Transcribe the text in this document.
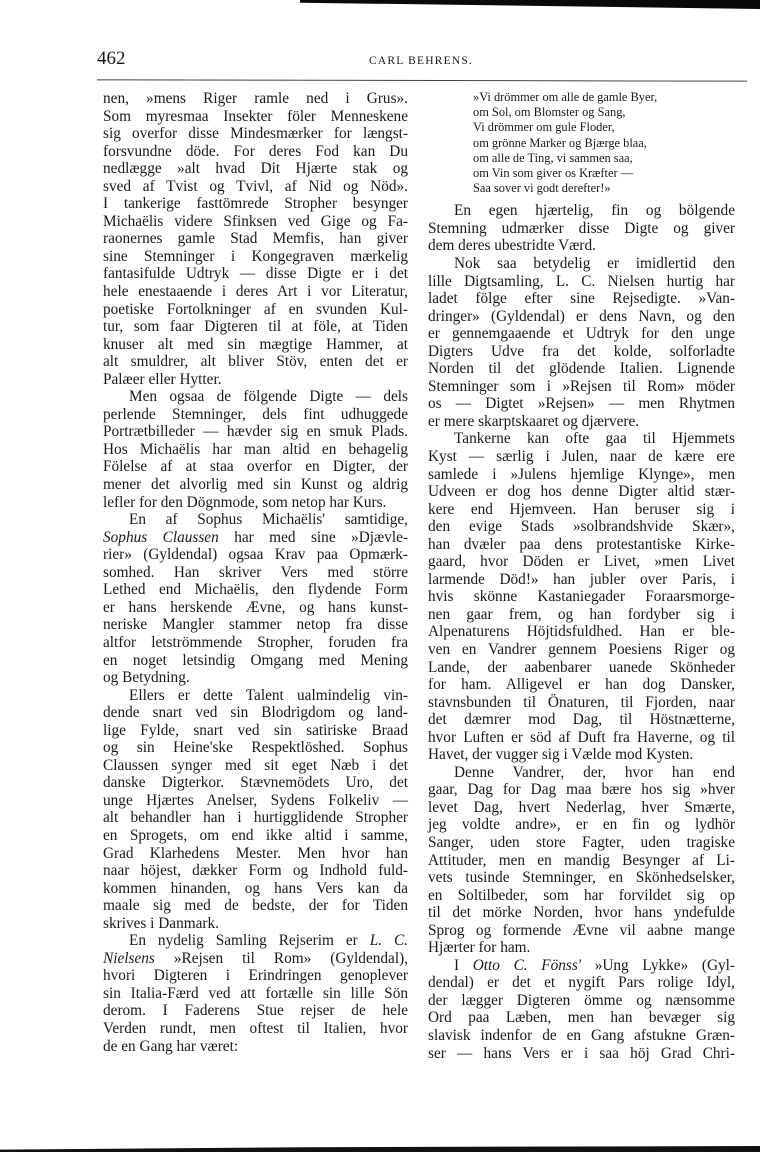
462	CARL BEHRENS.
nen, »mens Riger ramle ned i Grus».
Som myresmaa Insekter föler Menneskene
sig overfor disse Mindesmærker for længst-
forsvundne döde. For deres Fod kan Du
nedlægge »alt hvad Dit Hjærte stak og
sved af Tvist og Tvivl, af Nid og Nöd».
I tankerige fasttömrede Stropher besynger
Michaëlis videre Sfinksen ved Gige og Fa-
raonernes gamle Stad Memfis, han giver
sine Stemninger i Kongegraven mærkelig
fantasifulde Udtryk — disse Digte er i det
hele enestaaende i deres Art i vor Literatur,
poetiske Fortolkninger af en svunden Kul-
tur, som faar Digteren til at föle, at Tiden
knuser alt med sin mægtige Hammer, at
alt smuldrer, alt bliver Stöv, enten det er
Palæer eller Hytter.
Men ogsaa de fölgende Digte — dels
perlende Stemninger, dels fint udhuggede
Portrætbilleder — hævder sig en smuk Plads.
Hos Michaëlis har man altid en behagelig
Fölelse af at staa overfor en Digter, der
mener det alvorlig med sin Kunst og aldrig
lefler for den Dögnmode, som netop har Kurs.
En af Sophus Michaëlis' samtidige,
Sophus Claussen har med sine »Djævle-
rier» (Gyldendal) ogsaa Krav paa Opmærk-
somhed. Han skriver Vers med större
Lethed end Michaëlis, den flydende Form
er hans herskende Ævne, og hans kunst-
neriske Mangler stammer netop fra disse
altfor letströmmende Stropher, foruden fra
en noget letsindig Omgang med Mening
og Betydning.
Ellers er dette Talent ualmindelig vin-
dende snart ved sin Blodrigdom og land-
lige Fylde, snart ved sin satiriske Braad
og sin Heine'ske Respektlöshed. Sophus
Claussen synger med sit eget Næb i det
danske Digterkor. Stævnemödets Uro, det
unge Hjærtes Anelser, Sydens Folkeliv —
alt behandler han i hurtigglidende Stropher
en Sprogets, om end ikke altid i samme,
Grad Klarhedens Mester. Men hvor han
naar höjest, dækker Form og Indhold fuld-
kommen hinanden, og hans Vers kan da
maale sig med de bedste, der for Tiden
skrives i Danmark.
En nydelig Samling Rejserim er L. C.
Nielsens »Rejsen til Rom» (Gyldendal),
hvori Digteren i Erindringen genoplever
sin Italia-Færd ved att fortælle sin lille Sön
derom. I Faderens Stue rejser de hele
Verden rundt, men oftest til Italien, hvor
de en Gang har været:
»Vi drömmer om alle de gamle Byer,
om Sol, om Blomster og Sang,
Vi drömmer om gule Floder,
om grönne Marker og Bjærge blaa,
om alle de Ting, vi sammen saa,
om Vin som giver os Kræfter —
Saa sover vi godt derefter!»
En egen hjærtelig, fin og bölgende
Stemning udmærker disse Digte og giver
dem deres ubestridte Værd.
Nok saa betydelig er imidlertid den
lille Digtsamling, L. C. Nielsen hurtig har
ladet fölge efter sine Rejsedigte. »Van-
dringer» (Gyldendal) er dens Navn, og den
er gennemgaaende et Udtryk for den unge
Digters Udve fra det kolde, solforladte
Norden til det glödende Italien. Lignende
Stemninger som i »Rejsen til Rom» möder
os — Digtet »Rejsen» — men Rhytmen
er mere skarptskaaret og djærvere.
Tankerne kan ofte gaa til Hjemmets
Kyst — særlig i Julen, naar de kære ere
samlede i »Julens hjemlige Klynge», men
Udveen er dog hos denne Digter altid stær-
kere end Hjemveen. Han beruser sig i
den evige Stads »solbrandshvide Skær»,
han dvæler paa dens protestantiske Kirke-
gaard, hvor Döden er Livet, »men Livet
larmende Död!» han jubler over Paris, i
hvis skönne Kastaniegader Foraarsmorge-
nen gaar frem, og han fordyber sig i
Alpenaturens Höjtidsfuldhed. Han er ble-
ven en Vandrer gennem Poesiens Riger og
Lande, der aabenbarer uanede Skönheder
for ham. Alligevel er han dog Dansker,
stavnsbunden til Önaturen, til Fjorden, naar
det dæmrer mod Dag, til Höstnætterne,
hvor Luften er söd af Duft fra Haverne, og til
Havet, der vugger sig i Vælde mod Kysten.
Denne Vandrer, der, hvor han end
gaar, Dag for Dag maa bære hos sig »hver
levet Dag, hvert Nederlag, hver Smærte,
jeg voldte andre», er en fin og lydhör
Sanger, uden store Fagter, uden tragiske
Attituder, men en mandig Besynger af Li-
vets tusinde Stemninger, en Skönhedselsker,
en Soltilbeder, som har forvildet sig op
til det mörke Norden, hvor hans yndefulde
Sprog og formende Ævne vil aabne mange
Hjærter for ham.
I Otto C. Fönss' »Ung Lykke» (Gyl-
dendal) er det et nygift Pars rolige Idyl,
der lægger Digteren ömme og nænsomme
Ord paa Læben, men han bevæger sig
slavisk indenfor de en Gang afstukne Græn-
ser — hans Vers er i saa höj Grad Chri-
